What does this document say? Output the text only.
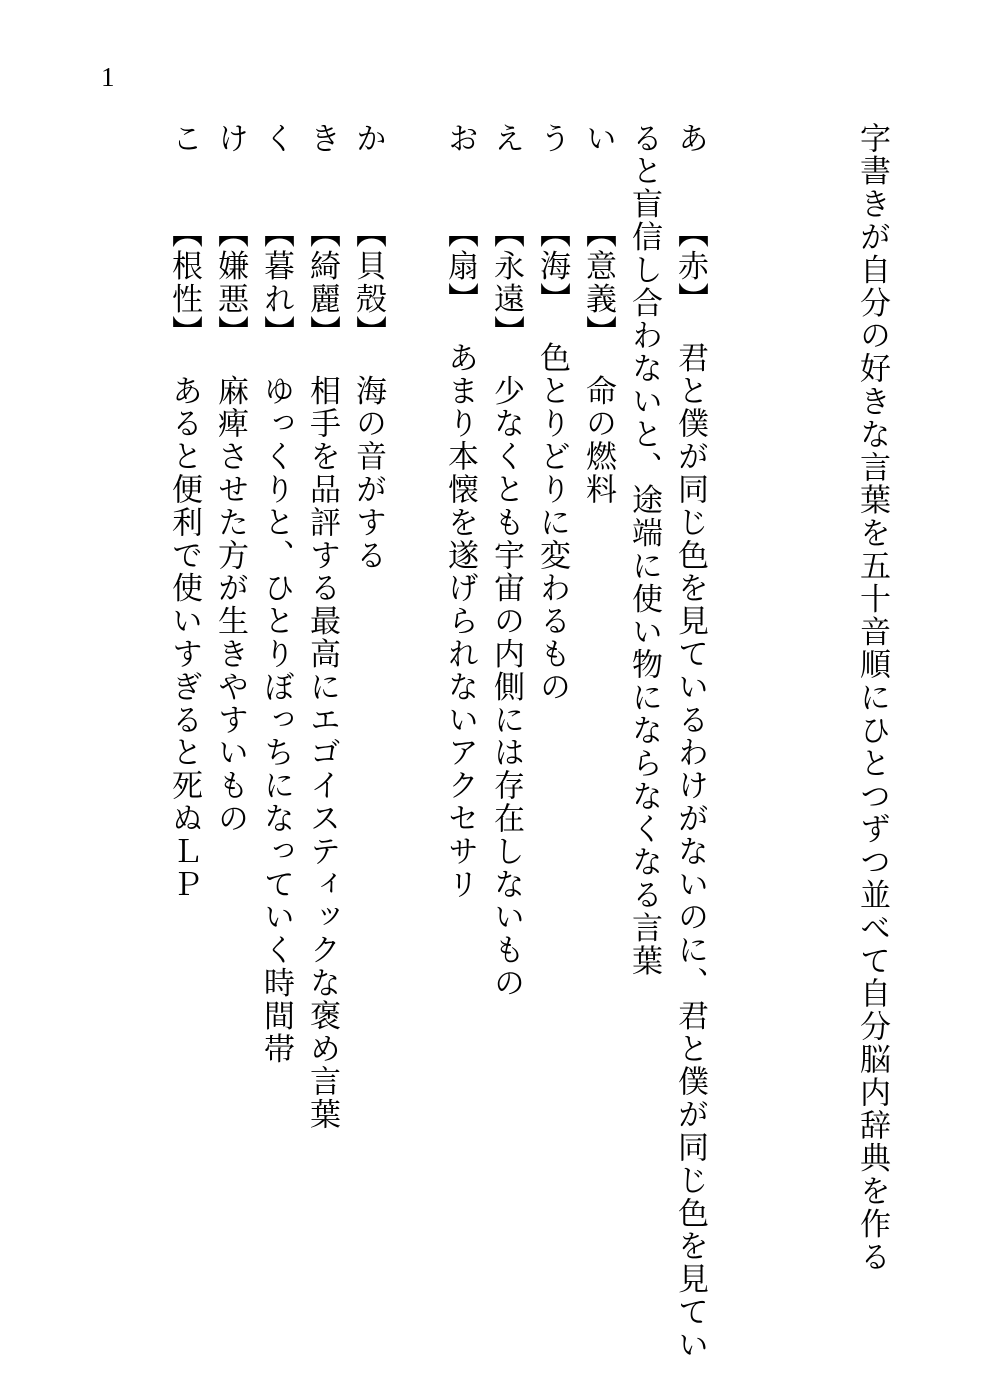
1
字書きが自分の好きな言葉を五十音順にひとつずつ並べて自分脳内辞典を作る
あ【赤】君と僕が同じ色を見ているわけがないのに、君と僕が同じ色を見てい
ると盲信し合わないと、途端に使い物にならなくなる言葉
い【意義】命の燃料
う【海】色とりどりに変わるもの
え【永遠】少なくとも宇宙の内側には存在しないもの
お【扇】あまり本懐を遂げられないアクセサリ
か【貝殻】海の音がする
き【綺麗】相手を品評する最高にエゴイスティックな褒め言葉
く【暮れ】ゆっくりと、ひとりぼっちになっていく時間帯
け【嫌悪】麻痺させた方が生きやすいもの
こ【根性】あると便利で使いすぎると死ぬＬＰ
